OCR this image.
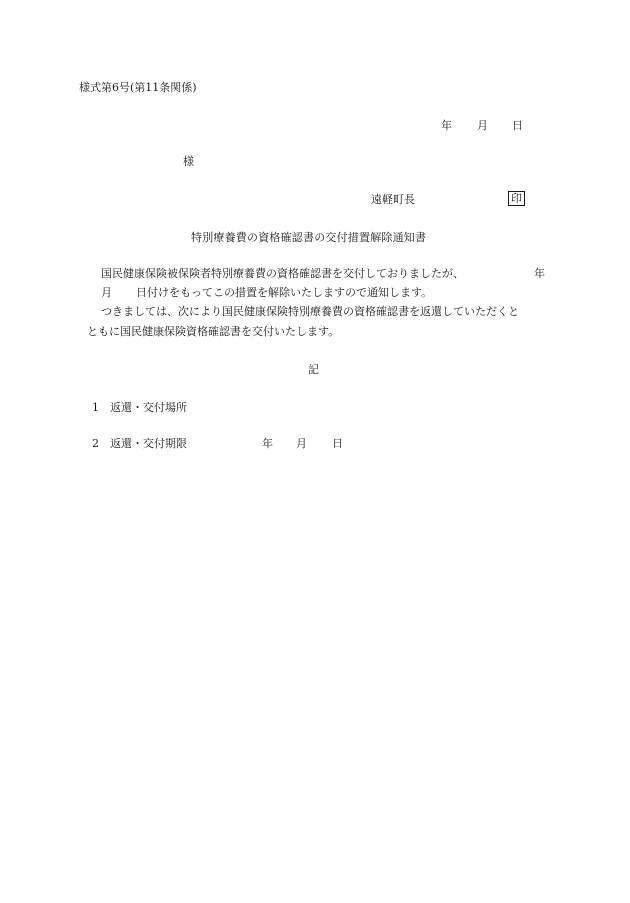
様式第6号(第11条関係)
年 月 日
様
遠軽町長	印
特別療養費の資格確認書の交付措置解除通知書
国民健康保険被保険者特別療養費の資格確認書を交付しておりましたが、	年
月 日付けをもってこの措置を解除いたしますので通知します。
つきましては、次により国民健康保険特別療養費の資格確認書を返還していただくと
ともに国民健康保険資格確認書を交付いたします。
記
1 返還・交付場所
2 返還・交付期限	年 月 日
